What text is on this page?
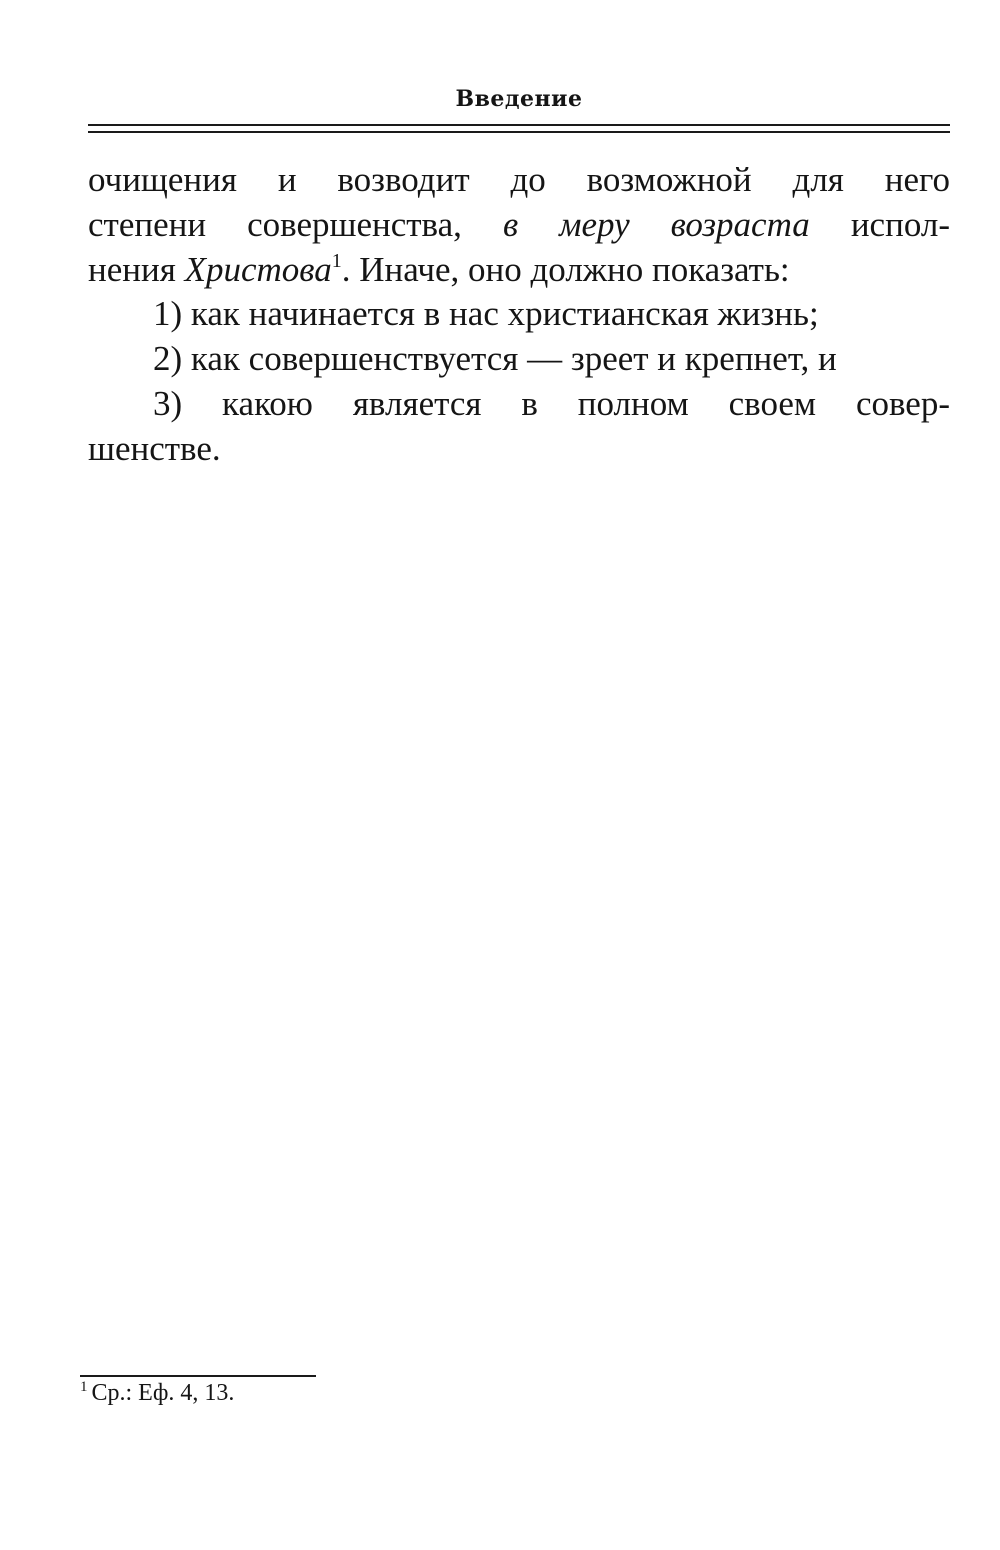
Введение
очищения и возводит до возможной для него
степени совершенства, в меру возраста испол-
нения Христова$^1$. Иначе, оно должно показать:
1) как начинается в нас христианская жизнь;
2) как совершенствуется — зреет и крепнет, и
3) какою является в полном своем совер-
шенстве.
$^1$ Ср.: Еф. 4, 13.
